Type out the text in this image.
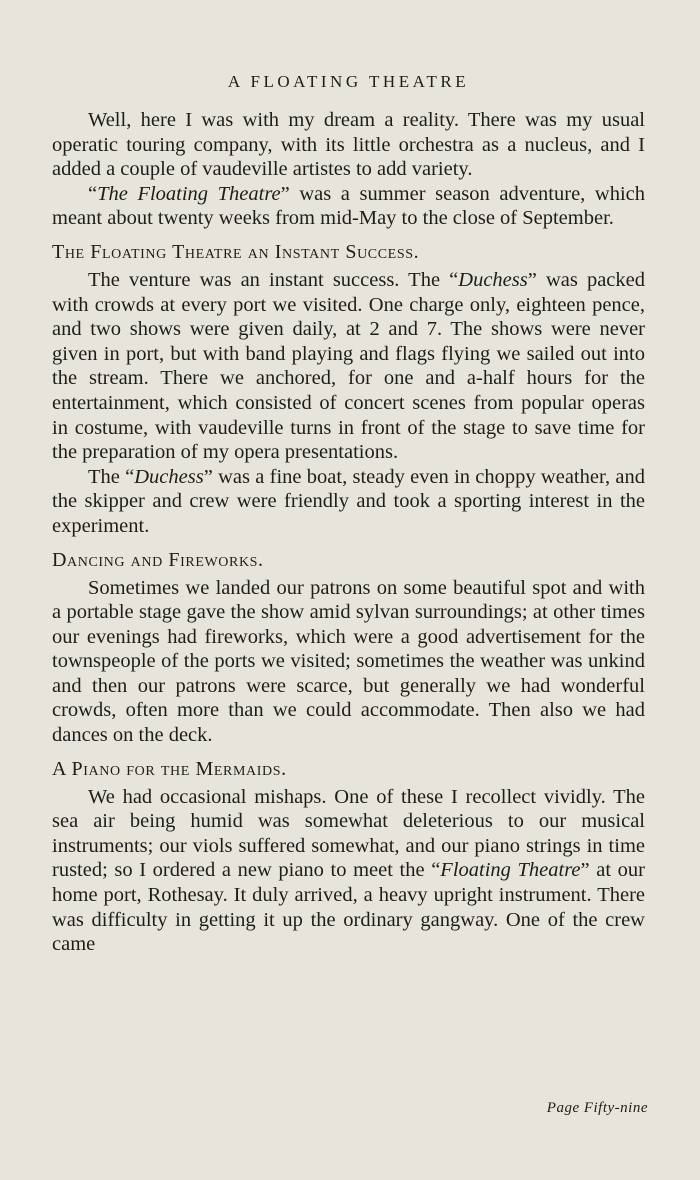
A FLOATING THEATRE

Well, here I was with my dream a reality. There was my usual operatic touring company, with its little orchestra as a nucleus, and I added a couple of vaudeville artistes to add variety.

“The Floating Theatre” was a summer season adventure, which meant about twenty weeks from mid-May to the close of September.

The Floating Theatre an Instant Success.

The venture was an instant success. The “Duchess” was packed with crowds at every port we visited. One charge only, eighteen pence, and two shows were given daily, at 2 and 7. The shows were never given in port, but with band playing and flags flying we sailed out into the stream. There we anchored, for one and a-half hours for the entertainment, which consisted of concert scenes from popular operas in costume, with vaudeville turns in front of the stage to save time for the preparation of my opera presentations.

The “Duchess” was a fine boat, steady even in choppy weather, and the skipper and crew were friendly and took a sporting interest in the experiment.

Dancing and Fireworks.

Sometimes we landed our patrons on some beautiful spot and with a portable stage gave the show amid sylvan surroundings; at other times our evenings had fireworks, which were a good advertisement for the townspeople of the ports we visited; sometimes the weather was unkind and then our patrons were scarce, but generally we had wonderful crowds, often more than we could accommodate. Then also we had dances on the deck.

A Piano for the Mermaids.

We had occasional mishaps. One of these I recollect vividly. The sea air being humid was somewhat deleterious to our musical instruments; our viols suffered somewhat, and our piano strings in time rusted; so I ordered a new piano to meet the “Floating Theatre” at our home port, Rothesay. It duly arrived, a heavy upright instrument. There was difficulty in getting it up the ordinary gangway. One of the crew came

Page Fifty-nine
